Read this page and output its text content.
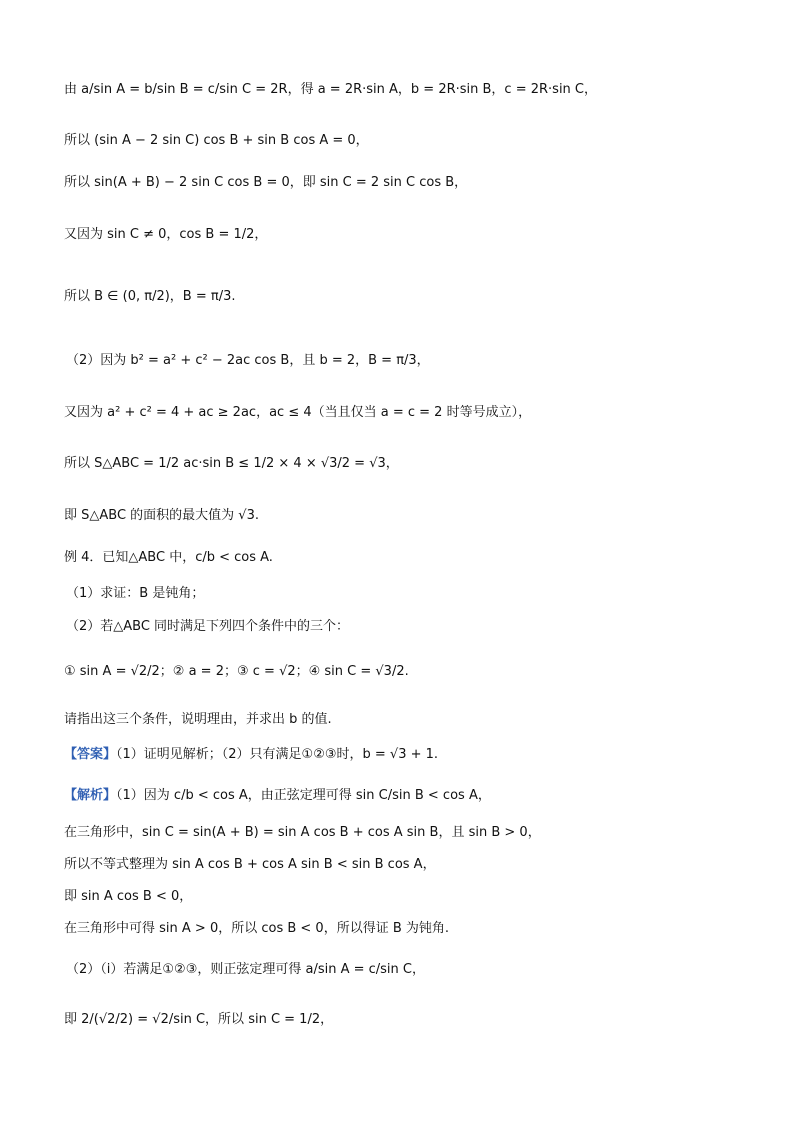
由 a/sin A = b/sin B = c/sin C = 2R，得 a = 2R·sin A，b = 2R·sin B，c = 2R·sin C，
所以 (sin A − 2 sin C) cos B + sin B cos A = 0，
所以 sin(A + B) − 2 sin C cos B = 0，即 sin C = 2 sin C cos B，
又因为 sin C ≠ 0，cos B = 1/2，
所以 B ∈ (0, π/2)，B = π/3.
（2）因为 b² = a² + c² − 2ac cos B，且 b = 2，B = π/3，
又因为 a² + c² = 4 + ac ≥ 2ac，ac ≤ 4（当且仅当 a = c = 2 时等号成立），
所以 S△ABC = 1/2 ac·sin B ≤ 1/2 × 4 × √3/2 = √3，
即 S△ABC 的面积的最大值为 √3.
例 4．已知△ABC 中，c/b < cos A.
（1）求证：B 是钝角；
（2）若△ABC 同时满足下列四个条件中的三个：
① sin A = √2/2；② a = 2；③ c = √2；④ sin C = √3/2.
请指出这三个条件，说明理由，并求出 b 的值.
【答案】（1）证明见解析；（2）只有满足①②③时，b = √3 + 1.
【解析】（1）因为 c/b < cos A，由正弦定理可得 sin C/sin B < cos A，
在三角形中，sin C = sin(A + B) = sin A cos B + cos A sin B，且 sin B > 0，
所以不等式整理为 sin A cos B + cos A sin B < sin B cos A，
即 sin A cos B < 0，
在三角形中可得 sin A > 0，所以 cos B < 0，所以得证 B 为钝角.
（2）（i）若满足①②③，则正弦定理可得 a/sin A = c/sin C，
即 2/(√2/2) = √2/sin C，所以 sin C = 1/2，
